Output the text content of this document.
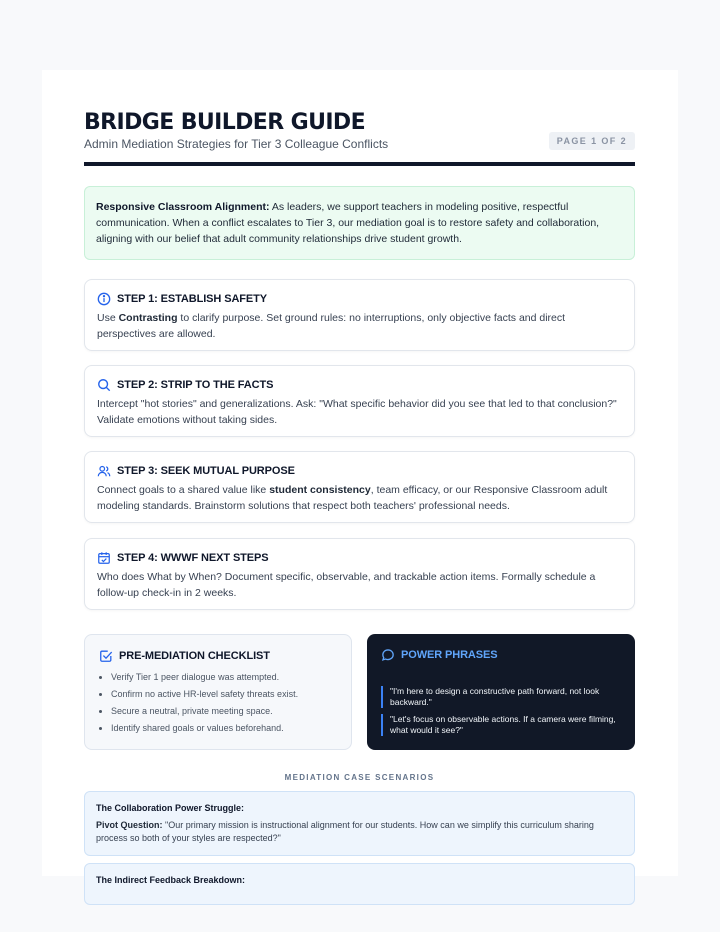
BRIDGE BUILDER GUIDE
Admin Mediation Strategies for Tier 3 Colleague Conflicts	PAGE 1 OF 2
Responsive Classroom Alignment: As leaders, we support teachers in modeling positive, respectful communication. When a conflict escalates to Tier 3, our mediation goal is to restore safety and collaboration, aligning with our belief that adult community relationships drive student growth.
STEP 1: ESTABLISH SAFETY
Use Contrasting to clarify purpose. Set ground rules: no interruptions, only objective facts and direct perspectives are allowed.
STEP 2: STRIP TO THE FACTS
Intercept "hot stories" and generalizations. Ask: "What specific behavior did you see that led to that conclusion?" Validate emotions without taking sides.
STEP 3: SEEK MUTUAL PURPOSE
Connect goals to a shared value like student consistency, team efficacy, or our Responsive Classroom adult modeling standards. Brainstorm solutions that respect both teachers' professional needs.
STEP 4: WWWF NEXT STEPS
Who does What by When? Document specific, observable, and trackable action items. Formally schedule a follow-up check-in in 2 weeks.
PRE-MEDIATION CHECKLIST
• Verify Tier 1 peer dialogue was attempted.
• Confirm no active HR-level safety threats exist.
• Secure a neutral, private meeting space.
• Identify shared goals or values beforehand.
POWER PHRASES
"I'm here to design a constructive path forward, not look backward."
"Let's focus on observable actions. If a camera were filming, what would it see?"
MEDIATION CASE SCENARIOS
The Collaboration Power Struggle:
Pivot Question: "Our primary mission is instructional alignment for our students. How can we simplify this curriculum sharing process so both of your styles are respected?"
The Indirect Feedback Breakdown:
